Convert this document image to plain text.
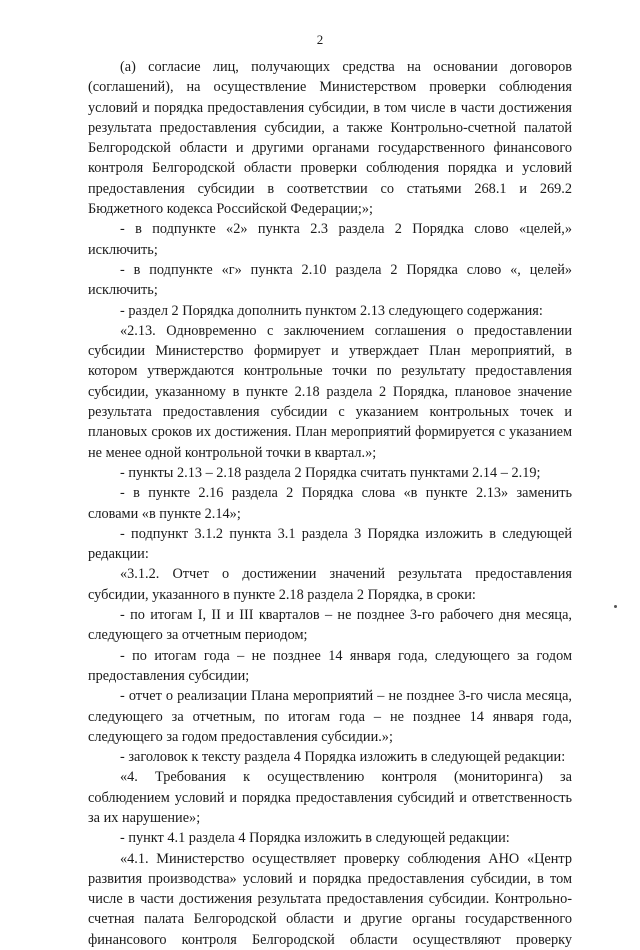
2

(а) согласие лиц, получающих средства на основании договоров (соглашений), на осуществление Министерством проверки соблюдения условий и порядка предоставления субсидии, в том числе в части достижения результата предоставления субсидии, а также Контрольно-счетной палатой Белгородской области и другими органами государственного финансового контроля Белгородской области проверки соблюдения порядка и условий предоставления субсидии в соответствии со статьями 268.1 и 269.2 Бюджетного кодекса Российской Федерации;»;

- в подпункте «2» пункта 2.3 раздела 2 Порядка слово «целей,» исключить;

- в подпункте «г» пункта 2.10 раздела 2 Порядка слово «, целей» исключить;

- раздел 2 Порядка дополнить пунктом 2.13 следующего содержания:

«2.13. Одновременно с заключением соглашения о предоставлении субсидии Министерство формирует и утверждает План мероприятий, в котором утверждаются контрольные точки по результату предоставления субсидии, указанному в пункте 2.18 раздела 2 Порядка, плановое значение результата предоставления субсидии с указанием контрольных точек и плановых сроков их достижения. План мероприятий формируется с указанием не менее одной контрольной точки в квартал.»;

- пункты 2.13 – 2.18 раздела 2 Порядка считать пунктами 2.14 – 2.19;

- в пункте 2.16 раздела 2 Порядка слова «в пункте 2.13» заменить словами «в пункте 2.14»;

- подпункт 3.1.2 пункта 3.1 раздела 3 Порядка изложить в следующей редакции:

«3.1.2. Отчет о достижении значений результата предоставления субсидии, указанного в пункте 2.18 раздела 2 Порядка, в сроки:

- по итогам I, II и III кварталов – не позднее 3-го рабочего дня месяца, следующего за отчетным периодом;

- по итогам года – не позднее 14 января года, следующего за годом предоставления субсидии;

- отчет о реализации Плана мероприятий – не позднее 3-го числа месяца, следующего за отчетным, по итогам года – не позднее 14 января года, следующего за годом предоставления субсидии.»;

- заголовок к тексту раздела 4 Порядка изложить в следующей редакции:

«4. Требования к осуществлению контроля (мониторинга) за соблюдением условий и порядка предоставления субсидий и ответственность за их нарушение»;

- пункт 4.1 раздела 4 Порядка изложить в следующей редакции:

«4.1. Министерство осуществляет проверку соблюдения АНО «Центр развития производства» условий и порядка предоставления субсидии, в том числе в части достижения результата предоставления субсидии. Контрольно-счетная палата Белгородской области и другие органы государственного финансового контроля Белгородской области осуществляют проверку
